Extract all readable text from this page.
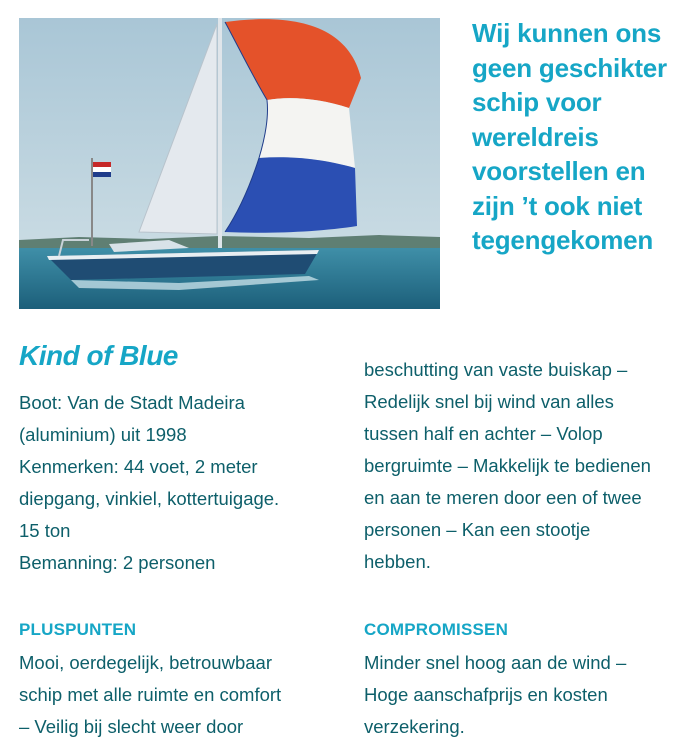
Wij kunnen ons
geen geschikter
schip voor
wereldreis
voorstellen en
zijn ’t ook niet
tegengekomen
Kind of Blue
Boot: Van de Stadt Madeira
(aluminium) uit 1998
Kenmerken: 44 voet, 2 meter
diepgang, vinkiel, kottertuigage.
15 ton
Bemanning: 2 personen
beschutting van vaste buiskap –
Redelijk snel bij wind van alles
tussen half en achter – Volop
bergruimte – Makkelijk te bedienen
en aan te meren door een of twee
personen – Kan een stootje
hebben.
PLUSPUNTEN
Mooi, oerdegelijk, betrouwbaar
schip met alle ruimte en comfort
– Veilig bij slecht weer door
COMPROMISSEN
Minder snel hoog aan de wind –
Hoge aanschafprijs en kosten
verzekering.
